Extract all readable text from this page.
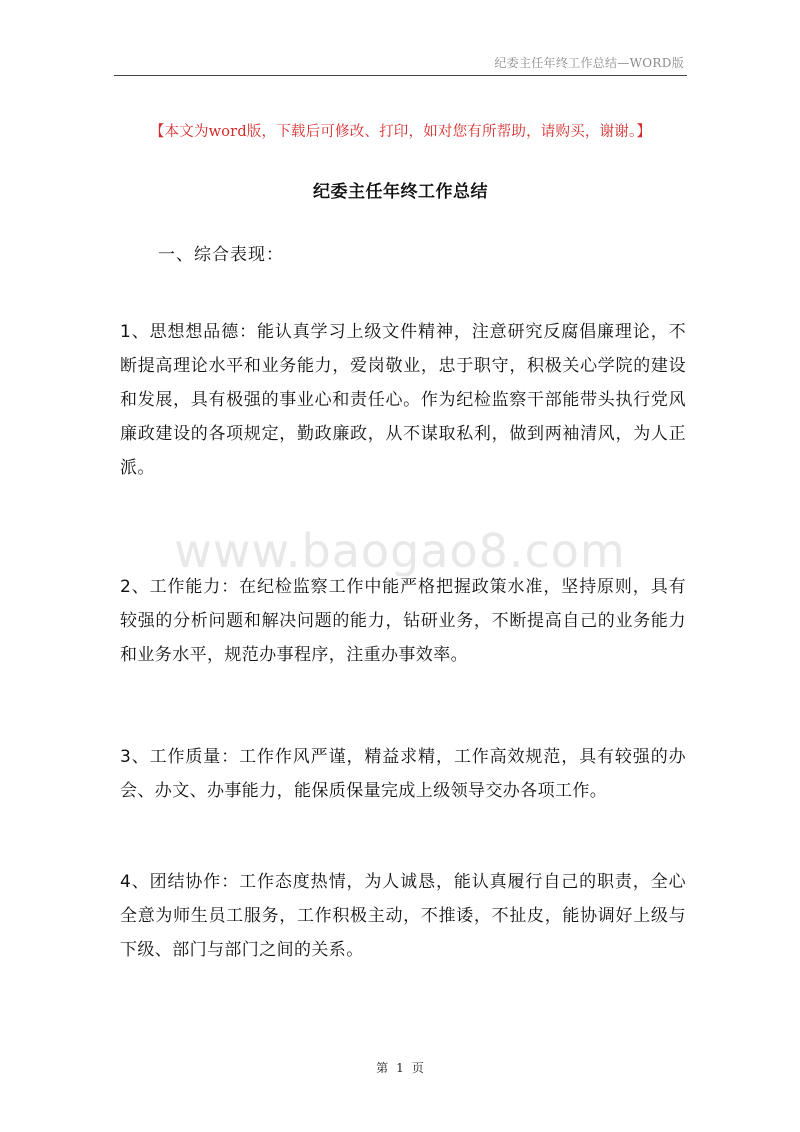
纪委主任年终工作总结—WORD版
【本文为word版，下载后可修改、打印，如对您有所帮助，请购买，谢谢。】
纪委主任年终工作总结
一、综合表现：
www.baogao8.com

1、思想想品德：能认真学习上级文件精神，注意研究反腐倡廉理论，不断提高理论水平和业务能力，爱岗敬业，忠于职守，积极关心学院的建设和发展，具有极强的事业心和责任心。作为纪检监察干部能带头执行党风廉政建设的各项规定，勤政廉政，从不谋取私利，做到两袖清风，为人正派。

2、工作能力：在纪检监察工作中能严格把握政策水准，坚持原则，具有较强的分析问题和解决问题的能力，钻研业务，不断提高自己的业务能力和业务水平，规范办事程序，注重办事效率。

3、工作质量：工作作风严谨，精益求精，工作高效规范，具有较强的办会、办文、办事能力，能保质保量完成上级领导交办各项工作。

4、团结协作：工作态度热情，为人诚恳，能认真履行自己的职责，全心全意为师生员工服务，工作积极主动，不推诿，不扯皮，能协调好上级与下级、部门与部门之间的关系。

第 1 页
